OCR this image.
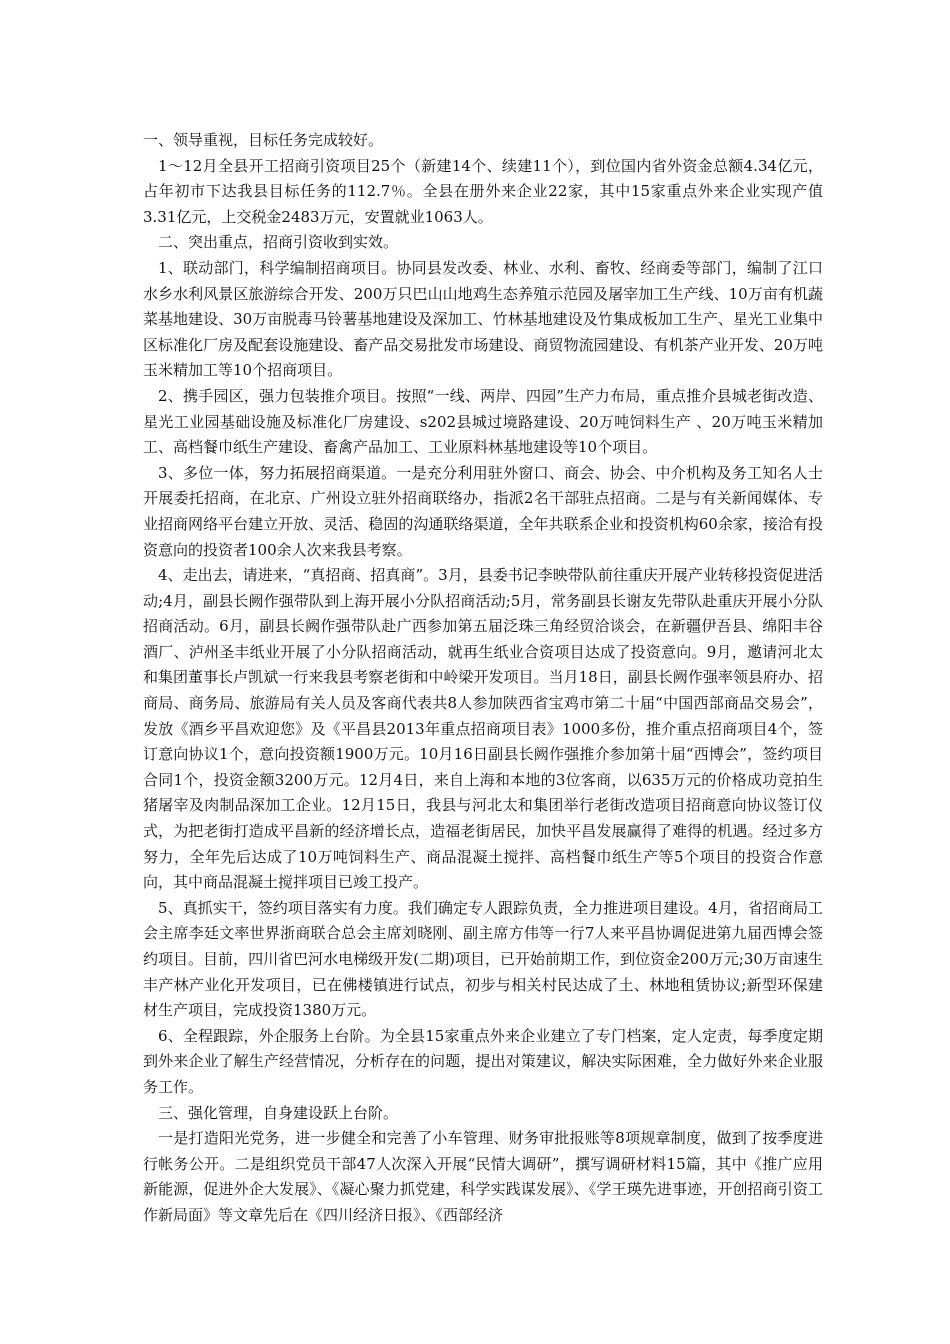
一、领导重视，目标任务完成较好。

1～12月全县开工招商引资项目25个（新建14个、续建11个），到位国内省外资金总额4.34亿元，占年初市下达我县目标任务的112.7％。全县在册外来企业22家，其中15家重点外来企业实现产值3.31亿元，上交税金2483万元，安置就业1063人。

二、突出重点，招商引资收到实效。

1、联动部门，科学编制招商项目。协同县发改委、林业、水利、畜牧、经商委等部门，编制了江口水乡水利风景区旅游综合开发、200万只巴山山地鸡生态养殖示范园及屠宰加工生产线、10万亩有机蔬菜基地建设、30万亩脱毒马铃薯基地建设及深加工、竹林基地建设及竹集成板加工生产、星光工业集中区标准化厂房及配套设施建设、畜产品交易批发市场建设、商贸物流园建设、有机茶产业开发、20万吨玉米精加工等10个招商项目。

2、携手园区，强力包装推介项目。按照“一线、两岸、四园”生产力布局，重点推介县城老街改造、星光工业园基础设施及标准化厂房建设、s202县城过境路建设、20万吨饲料生产 、20万吨玉米精加工、高档餐巾纸生产建设、畜禽产品加工、工业原料林基地建设等10个项目。

3、多位一体，努力拓展招商渠道。一是充分利用驻外窗口、商会、协会、中介机构及务工知名人士开展委托招商，在北京、广州设立驻外招商联络办，指派2名干部驻点招商。二是与有关新闻媒体、专业招商网络平台建立开放、灵活、稳固的沟通联络渠道，全年共联系企业和投资机构60余家，接洽有投资意向的投资者100余人次来我县考察。

4、走出去，请进来，“真招商、招真商”。3月，县委书记李映带队前往重庆开展产业转移投资促进活动;4月，副县长阙作强带队到上海开展小分队招商活动;5月，常务副县长谢友先带队赴重庆开展小分队招商活动。6月，副县长阙作强带队赴广西参加第五届泛珠三角经贸洽谈会，在新疆伊吾县、绵阳丰谷酒厂、泸州圣丰纸业开展了小分队招商活动，就再生纸业合资项目达成了投资意向。9月，邀请河北太和集团董事长卢凯斌一行来我县考察老街和中岭梁开发项目。当月18日，副县长阙作强率领县府办、招商局、商务局、旅游局有关人员及客商代表共8人参加陕西省宝鸡市第二十届“中国西部商品交易会”，发放《酒乡平昌欢迎您》及《平昌县2013年重点招商项目表》1000多份，推介重点招商项目4个，签订意向协议1个，意向投资额1900万元。10月16日副县长阙作强推介参加第十届“西博会”，签约项目合同1个，投资金额3200万元。12月4日，来自上海和本地的3位客商，以635万元的价格成功竞拍生猪屠宰及肉制品深加工企业。12月15日，我县与河北太和集团举行老街改造项目招商意向协议签订仪式，为把老街打造成平昌新的经济增长点，造福老街居民，加快平昌发展赢得了难得的机遇。经过多方努力，全年先后达成了10万吨饲料生产、商品混凝土搅拌、高档餐巾纸生产等5个项目的投资合作意向，其中商品混凝土搅拌项目已竣工投产。

5、真抓实干，签约项目落实有力度。我们确定专人跟踪负责，全力推进项目建设。4月，省招商局工会主席李廷文率世界浙商联合总会主席刘晓刚、副主席方伟等一行7人来平昌协调促进第九届西博会签约项目。目前，四川省巴河水电梯级开发(二期)项目，已开始前期工作，到位资金200万元;30万亩速生丰产林产业化开发项目，已在佛楼镇进行试点，初步与相关村民达成了土、林地租赁协议;新型环保建材生产项目，完成投资1380万元。

6、全程跟踪，外企服务上台阶。为全县15家重点外来企业建立了专门档案，定人定责，每季度定期到外来企业了解生产经营情况，分析存在的问题，提出对策建议，解决实际困难，全力做好外来企业服务工作。

三、强化管理，自身建设跃上台阶。

一是打造阳光党务，进一步健全和完善了小车管理、财务审批报账等8项规章制度，做到了按季度进行帐务公开。二是组织党员干部47人次深入开展“民情大调研”，撰写调研材料15篇，其中《推广应用新能源，促进外企大发展》、《凝心聚力抓党建，科学实践谋发展》、《学王瑛先进事迹，开创招商引资工作新局面》等文章先后在《四川经济日报》、《西部经济
